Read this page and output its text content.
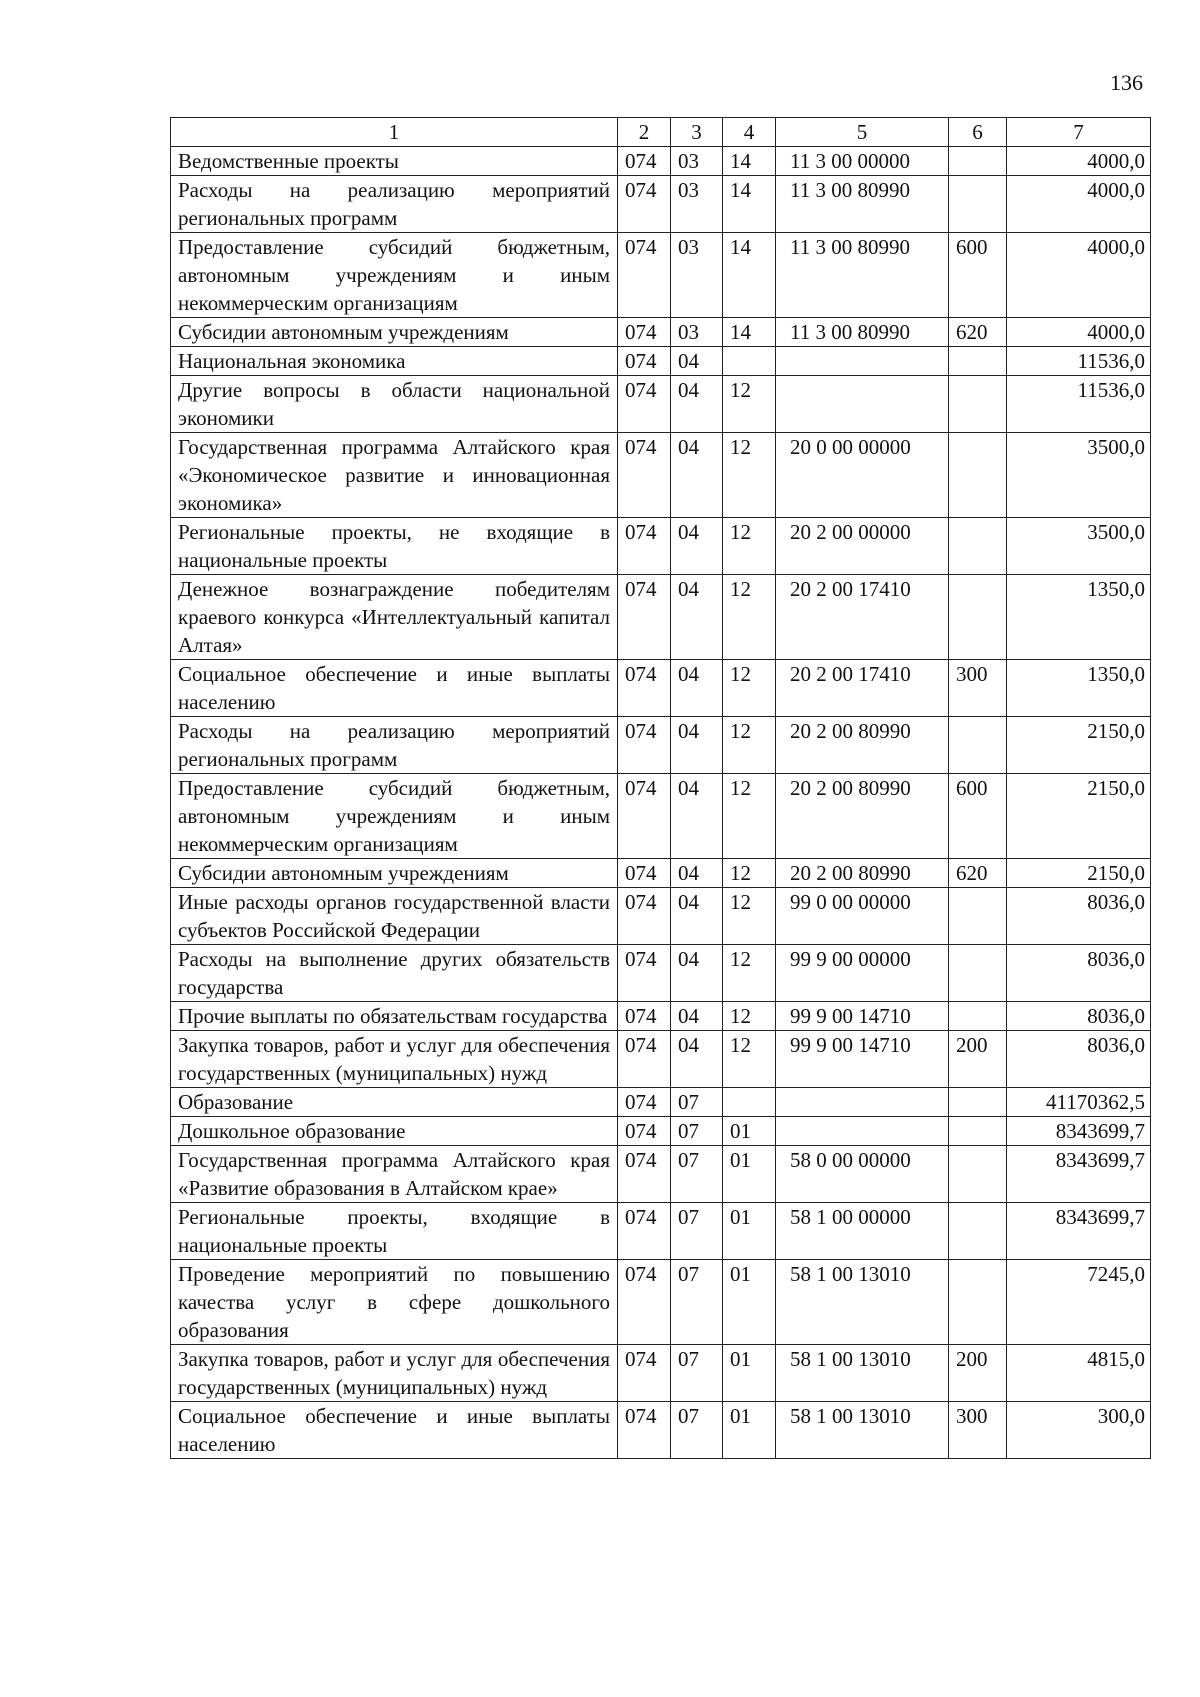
136
1	2	3	4	5	6	7
Ведомственные проекты	074	03	14	11 3 00 00000		4000,0
Расходы на реализацию мероприятий региональных программ	074	03	14	11 3 00 80990		4000,0
Предоставление субсидий бюджетным, автономным учреждениям и иным некоммерческим организациям	074	03	14	11 3 00 80990	600	4000,0
Субсидии автономным учреждениям	074	03	14	11 3 00 80990	620	4000,0
Национальная экономика	074	04				11536,0
Другие вопросы в области национальной экономики	074	04	12			11536,0
Государственная программа Алтайского края «Экономическое развитие и инновационная экономика»	074	04	12	20 0 00 00000		3500,0
Региональные проекты, не входящие в национальные проекты	074	04	12	20 2 00 00000		3500,0
Денежное вознаграждение победителям краевого конкурса «Интеллектуальный капитал Алтая»	074	04	12	20 2 00 17410		1350,0
Социальное обеспечение и иные выплаты населению	074	04	12	20 2 00 17410	300	1350,0
Расходы на реализацию мероприятий региональных программ	074	04	12	20 2 00 80990		2150,0
Предоставление субсидий бюджетным, автономным учреждениям и иным некоммерческим организациям	074	04	12	20 2 00 80990	600	2150,0
Субсидии автономным учреждениям	074	04	12	20 2 00 80990	620	2150,0
Иные расходы органов государственной власти субъектов Российской Федерации	074	04	12	99 0 00 00000		8036,0
Расходы на выполнение других обязательств государства	074	04	12	99 9 00 00000		8036,0
Прочие выплаты по обязательствам государства	074	04	12	99 9 00 14710		8036,0
Закупка товаров, работ и услуг для обеспечения государственных (муниципальных) нужд	074	04	12	99 9 00 14710	200	8036,0
Образование	074	07				41170362,5
Дошкольное образование	074	07	01			8343699,7
Государственная программа Алтайского края «Развитие образования в Алтайском крае»	074	07	01	58 0 00 00000		8343699,7
Региональные проекты, входящие в национальные проекты	074	07	01	58 1 00 00000		8343699,7
Проведение мероприятий по повышению качества услуг в сфере дошкольного образования	074	07	01	58 1 00 13010		7245,0
Закупка товаров, работ и услуг для обеспечения государственных (муниципальных) нужд	074	07	01	58 1 00 13010	200	4815,0
Социальное обеспечение и иные выплаты населению	074	07	01	58 1 00 13010	300	300,0
